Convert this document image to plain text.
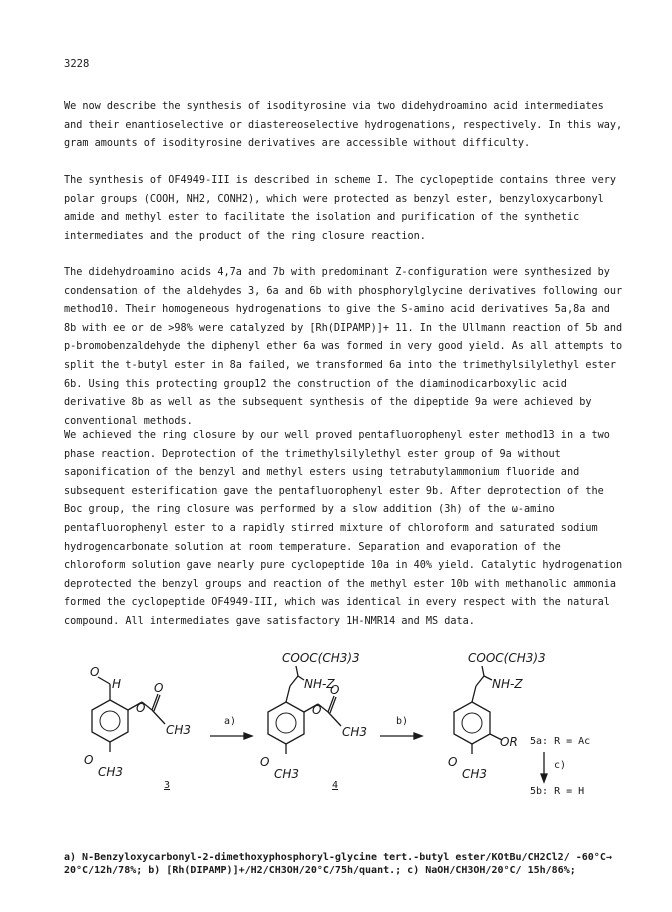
3228

We now describe the synthesis of isodityrosine via two didehydroamino acid intermediates and their enantioselective or diastereoselective hydrogenations, respectively. In this way, gram amounts of isodityrosine derivatives are accessible without difficulty.

The synthesis of OF4949-III is described in scheme I. The cyclopeptide contains three very polar groups (COOH, NH2, CONH2), which were protected as benzyl ester, benzyloxycarbonyl amide and methyl ester to facilitate the isolation and purification of the synthetic intermediates and the product of the ring closure reaction.

The didehydroamino acids 4,7a and 7b with predominant Z-configuration were synthesized by condensation of the aldehydes 3, 6a and 6b with phosphorylglycine derivatives following our method10. Their homogeneous hydrogenations to give the S-amino acid derivatives 5a,8a and 8b with ee or de >98% were catalyzed by [Rh(DIPAMP)]+ 11. In the Ullmann reaction of 5b and p-bromobenzaldehyde the diphenyl ether 6a was formed in very good yield. As all attempts to split the t-butyl ester in 8a failed, we transformed 6a into the trimethylsilylethyl ester 6b. Using this protecting group12 the construction of the diaminodicarboxylic acid derivative 8b as well as the subsequent synthesis of the dipeptide 9a were achieved by conventional methods.

We achieved the ring closure by our well proved pentafluorophenyl ester method13 in a two phase reaction. Deprotection of the trimethylsilylethyl ester group of 9a without saponification of the benzyl and methyl esters using tetrabutylammonium fluoride and subsequent esterification gave the pentafluorophenyl ester 9b. After deprotection of the Boc group, the ring closure was performed by a slow addition (3h) of the ω-amino pentafluorophenyl ester to a rapidly stirred mixture of chloroform and saturated sodium hydrogencarbonate solution at room temperature. Separation and evaporation of the chloroform solution gave nearly pure cyclopeptide 10a in 40% yield. Catalytic hydrogenation deprotected the benzyl groups and reaction of the methyl ester 10b with methanolic ammonia formed the cyclopeptide OF4949-III, which was identical in every respect with the natural compound. All intermediates gave satisfactory 1H-NMR14 and MS data.

O
H	O
O
CH3
O
CH3
3
a)
COOC(CH3)3
NH-Z
O
O
CH3
O
CH3
4
b)
COOC(CH3)3
NH-Z
OR
O
CH3
5a: R = Ac
c)
5b: R = H

a) N-Benzyloxycarbonyl-2-dimethoxyphosphoryl-glycine tert.-butyl ester/KOtBu/CH2Cl2/ -60°C→ 20°C/12h/78%; b) [Rh(DIPAMP)]+/H2/CH3OH/20°C/75h/quant.; c) NaOH/CH3OH/20°C/ 15h/86%;
